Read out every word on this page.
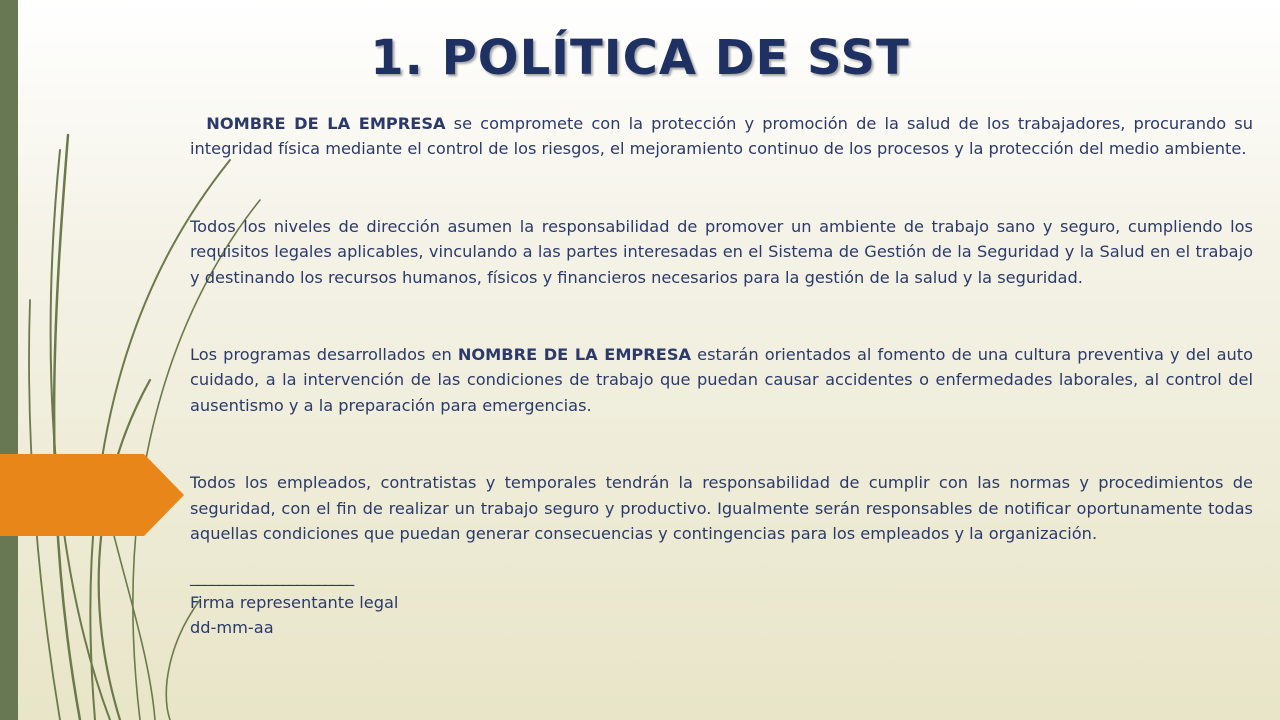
1. POLÍTICA DE SST

NOMBRE DE LA EMPRESA se compromete con la protección y promoción de la salud de los trabajadores, procurando su integridad física mediante el control de los riesgos, el mejoramiento continuo de los procesos y la protección del medio ambiente.

Todos los niveles de dirección asumen la responsabilidad de promover un ambiente de trabajo sano y seguro, cumpliendo los requisitos legales aplicables, vinculando a las partes interesadas en el Sistema de Gestión de la Seguridad y la Salud en el trabajo y destinando los recursos humanos, físicos y financieros necesarios para la gestión de la salud y la seguridad.

Los programas desarrollados en NOMBRE DE LA EMPRESA estarán orientados al fomento de una cultura preventiva y del auto cuidado, a la intervención de las condiciones de trabajo que puedan causar accidentes o enfermedades laborales, al control del ausentismo y a la preparación para emergencias.

Todos los empleados, contratistas y temporales tendrán la responsabilidad de cumplir con las normas y procedimientos de seguridad, con el fin de realizar un trabajo seguro y productivo. Igualmente serán responsables de notificar oportunamente todas aquellas condiciones que puedan generar consecuencias y contingencias para los empleados y la organización.

_______________________

Firma representante legal

dd-mm-aa
